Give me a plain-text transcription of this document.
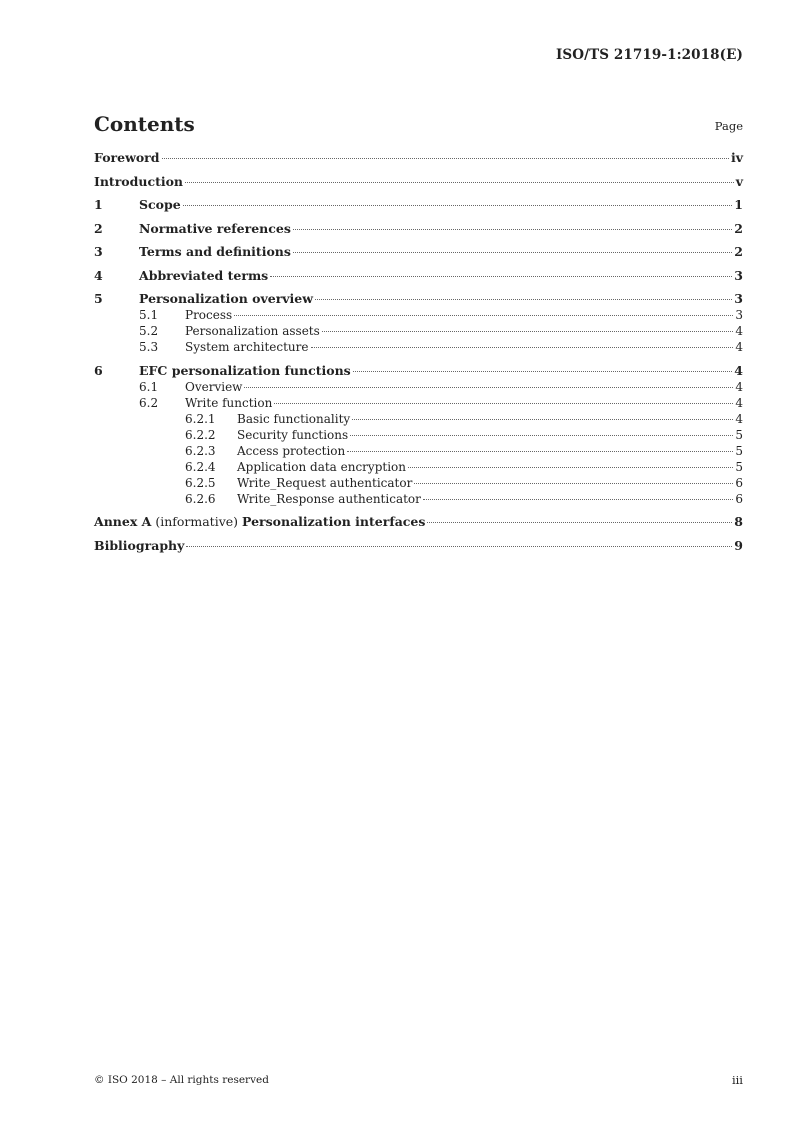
ISO/TS 21719-1:2018(E)
Contents	Page
Foreword	iv
Introduction	v
1	Scope	1
2	Normative references	2
3	Terms and definitions	2
4	Abbreviated terms	3
5	Personalization overview	3
5.1	Process	3
5.2	Personalization assets	4
5.3	System architecture	4
6	EFC personalization functions	4
6.1	Overview	4
6.2	Write function	4
6.2.1	Basic functionality	4
6.2.2	Security functions	5
6.2.3	Access protection	5
6.2.4	Application data encryption	5
6.2.5	Write_Request authenticator	6
6.2.6	Write_Response authenticator	6
Annex A (informative) Personalization interfaces	8
Bibliography	9
© ISO 2018 – All rights reserved	iii
